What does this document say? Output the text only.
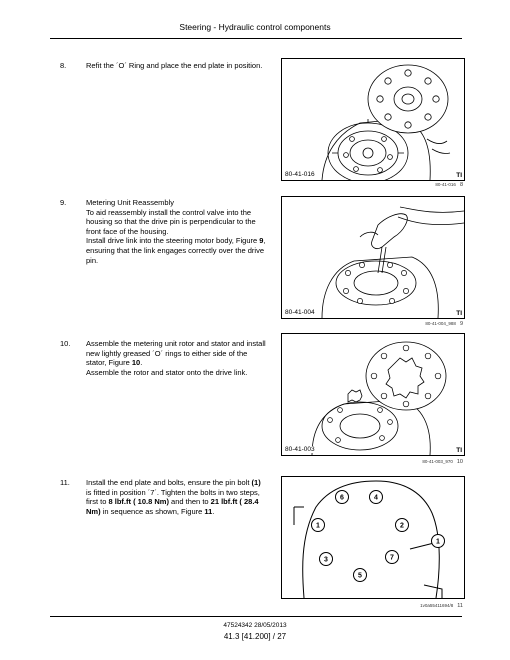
Steering - Hydraulic control components
8.	Refit the ´O´ Ring and place the end plate in position.
9.	Metering Unit Reassembly
To aid reassembly install the control valve into the housing so that the drive pin is perpendicular to the front face of the housing.
Install drive link into the steering motor body, Figure 9, ensuring that the link engages correctly over the drive pin.
10. Assemble the metering unit rotor and stator and install new lightly greased ´O´ rings to either side of the stator, Figure 10.
Assemble the rotor and stator onto the drive link.
11. Install the end plate and bolts, ensure the pin bolt (1) is fitted in position ´7´. Tighten the bolts in two steps, first to 8 lbf.ft ( 10.8 Nm) and then to 21 lbf.ft ( 28.4 Nm) in sequence as shown, Figure 11.
80-41-016	TI
80-41-016 8
80-41-004	TI
80-41-004_988 9
80-41-003	TI
80-41-003_970 10
6	4
1	2
3	7
5
1
1v0a55411694/8 11
47524342 28/05/2013
41.3 [41.200] / 27
